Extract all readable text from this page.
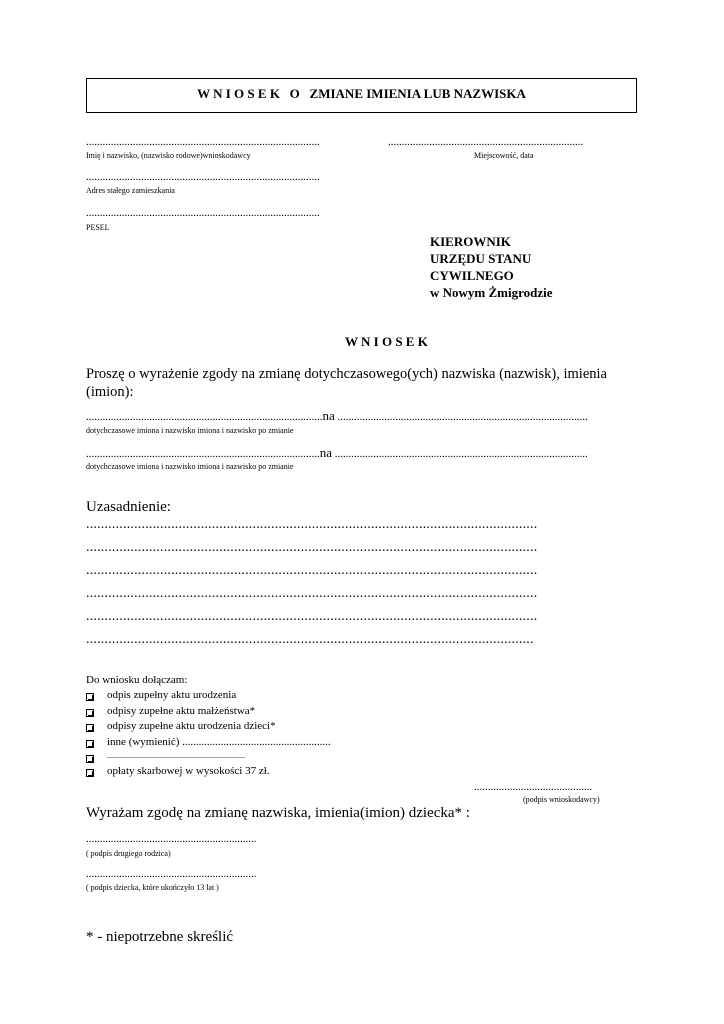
W N I O S E K   O   ZMIANE IMIENIA LUB NAZWISKA
.....................................................................................
Imię i nazwisko, (nazwisko rodowe)wnioskodawcy
.......................................................................
Miejscowość, data
.....................................................................................
Adres stałego zamieszkania
.....................................................................................
PESEL
KIEROWNIK
URZĘDU STANU
CYWILNEGO
w Nowym Żmigrodzie
W N I O S E K
Proszę o wyrażenie zgody na zmianę dotychczasowego(ych) nazwiska (nazwisk), imienia
(imion):
......................................................................................na ...........................................................................................
dotychczasowe imiona i nazwisko imiona i nazwisko po zmianie
.....................................................................................na ............................................................................................
dotychczasowe imiona i nazwisko imiona i nazwisko po zmianie
Uzasadnienie:
..........................................................................................................................
..........................................................................................................................
..........................................................................................................................
..........................................................................................................................
..........................................................................................................................
.........................................................................................................................
Do wniosku dołączam:
odpis zupełny aktu urodzenia
odpisy zupełne aktu małżeństwa*
odpisy zupełne aktu urodzenia dzieci*
inne (wymienić) ......................................................
.....................................................................
opłaty skarbowej w wysokości 37 zł.
...........................................
(podpis wnioskodawcy)
Wyrażam zgodę na zmianę nazwiska, imienia(imion) dziecka* :
..............................................................
( podpis drugiego rodzica)
..............................................................
( podpis dziecka, które ukończyło 13 lat )
* - niepotrzebne skreślić
